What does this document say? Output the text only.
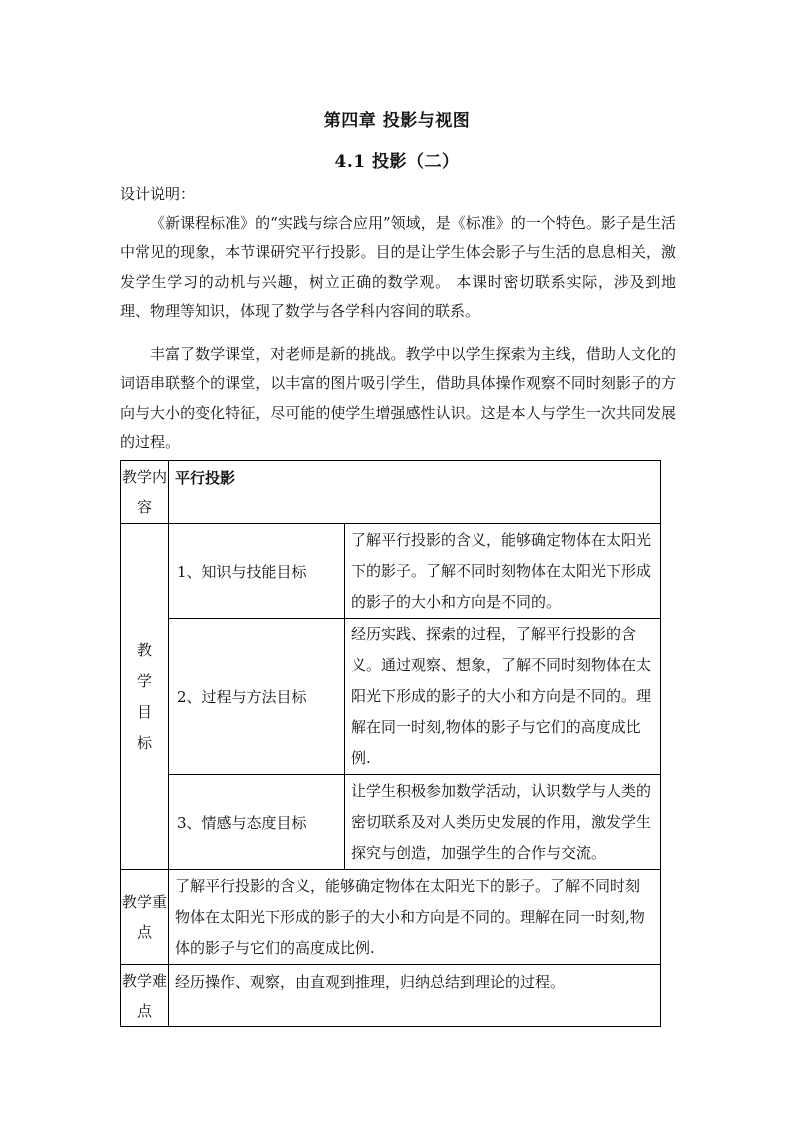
第四章 投影与视图
4.1 投影（二）
设计说明：

《新课程标准》的“实践与综合应用”领域，是《标准》的一个特色。影子是生活中常见的现象，本节课研究平行投影。目的是让学生体会影子与生活的息息相关，激发学生学习的动机与兴趣，树立正确的数学观。 本课时密切联系实际，涉及到地理、物理等知识，体现了数学与各学科内容间的联系。

丰富了数学课堂，对老师是新的挑战。教学中以学生探索为主线，借助人文化的词语串联整个的课堂，以丰富的图片吸引学生，借助具体操作观察不同时刻影子的方向与大小的变化特征，尽可能的使学生增强感性认识。这是本人与学生一次共同发展的过程。

教学内容	平行投影	

教学目标	1、知识与技能目标	了解平行投影的含义，能够确定物体在太阳光下的影子。了解不同时刻物体在太阳光下形成的影子的大小和方向是不同的。
	2、过程与方法目标	经历实践、探索的过程，了解平行投影的含义。通过观察、想象，了解不同时刻物体在太阳光下形成的影子的大小和方向是不同的。理解在同一时刻,物体的影子与它们的高度成比例.
	3、情感与态度目标	让学生积极参加数学活动，认识数学与人类的密切联系及对人类历史发展的作用，激发学生探究与创造，加强学生的合作与交流。
教学重点	了解平行投影的含义，能够确定物体在太阳光下的影子。了解不同时刻物体在太阳光下形成的影子的大小和方向是不同的。理解在同一时刻,物体的影子与它们的高度成比例.	
教学难点	经历操作、观察，由直观到推理，归纳总结到理论的过程。	
